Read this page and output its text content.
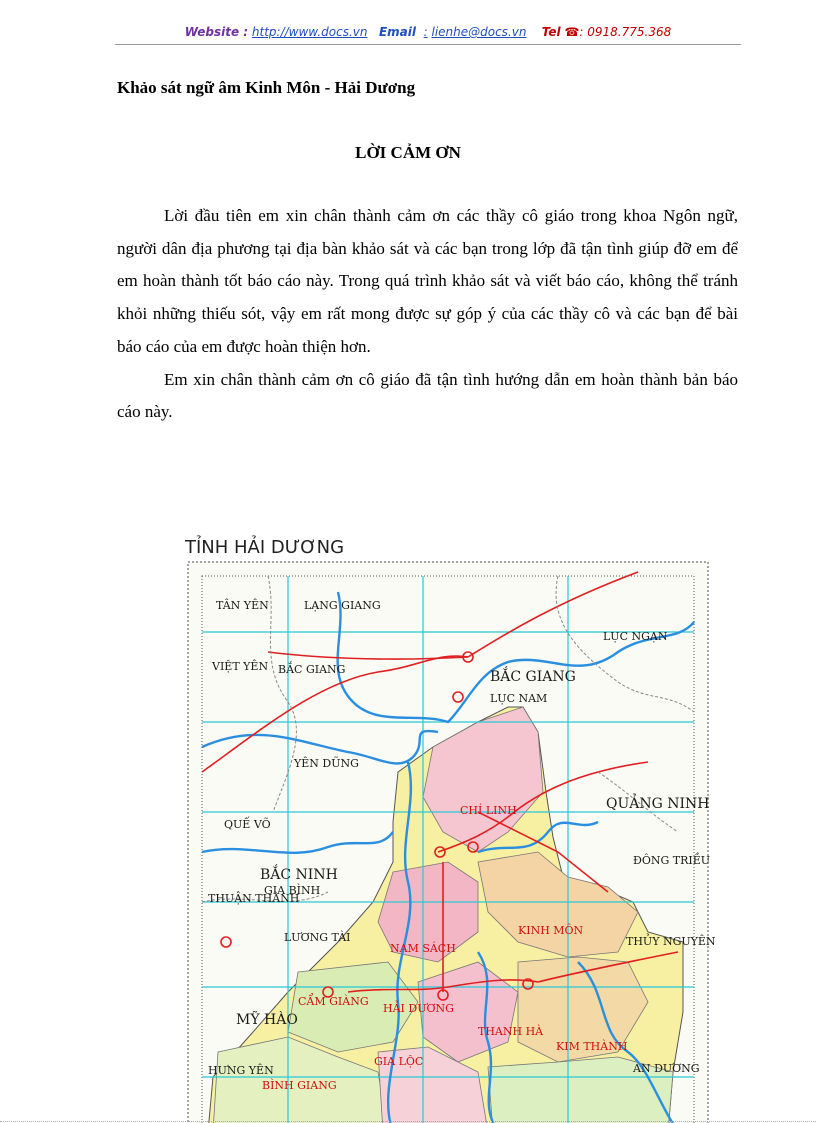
Website : http://www.docs.vn Email : lienhe@docs.vn Tel ☎: 0918.775.368
Khảo sát ngữ âm Kinh Môn - Hải Dương
LỜI CẢM ƠN

Lời đầu tiên em xin chân thành cảm ơn các thầy cô giáo trong khoa Ngôn ngữ, người dân địa phương tại địa bàn khảo sát và các bạn trong lớp đã tận tình giúp đỡ em để em hoàn thành tốt báo cáo này. Trong quá trình khảo sát và viết báo cáo, không thể tránh khỏi những thiếu sót, vậy em rất mong được sự góp ý của các thầy cô và các bạn để bài báo cáo của em được hoàn thiện hơn.

Em xin chân thành cảm ơn cô giáo đã tận tình hướng dẫn em hoàn thành bản báo cáo này.

TỈNH HẢI DƯƠNG
TÂN YÊN	LẠNG GIANG
LỤC NGẠN
VIỆT YÊN BẮC GIANG	BẮC GIANG
LỤC NAM
YÊN DŨNG
QUẾ VÕ
CHÍ LINH	QUẢNG NINH
BẮC NINH
GIA BÌNH
ĐÔNG TRIỀU
THUẬN THÀNH
LƯƠNG TÀI
NAM SÁCH
KINH MÔN
THỦY NGUYÊN
MỸ HÀO
CẨM GIÀNG
HẢI DƯƠNG
THANH HÀ
KIM THÀNH
AN DƯƠNG
HƯNG YÊN
GIA LỘC
BÌNH GIANG
